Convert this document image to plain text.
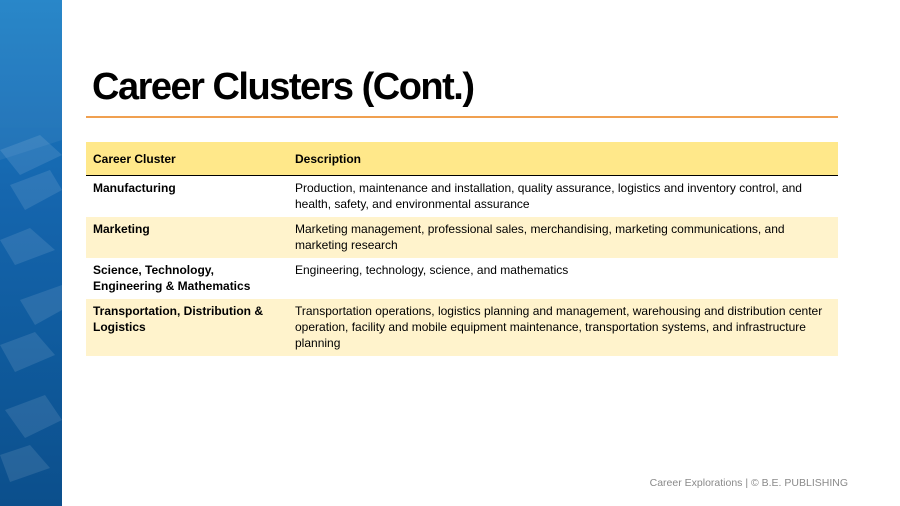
Career Clusters (Cont.)
Career Cluster	Description
Manufacturing	Production, maintenance and installation, quality assurance, logistics and inventory control, and health, safety, and environmental assurance
Marketing	Marketing management, professional sales, merchandising, marketing communications, and marketing research
Science, Technology, Engineering & Mathematics	Engineering, technology, science, and mathematics
Transportation, Distribution & Logistics	Transportation operations, logistics planning and management, warehousing and distribution center operation, facility and mobile equipment maintenance, transportation systems, and infrastructure planning
Career Explorations | © B.E. PUBLISHING
